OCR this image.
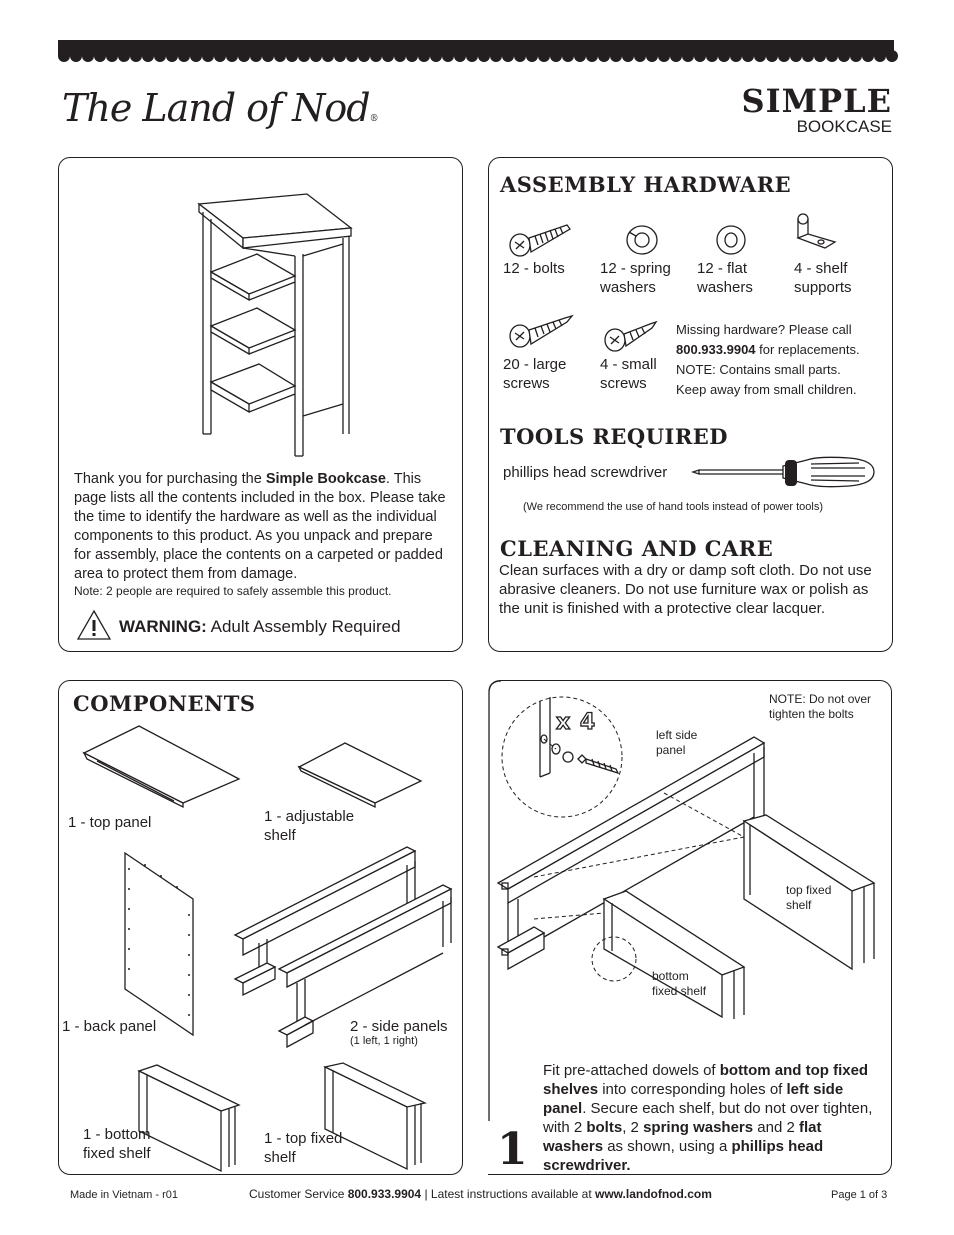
The Land of Nod®	SIMPLE
BOOKCASE
Thank you for purchasing the Simple Bookcase. This page lists all the contents included in the box. Please take the time to identify the hardware as well as the individual components to this product. As you unpack and prepare for assembly, place the contents on a carpeted or padded area to protect them from damage.
Note: 2 people are required to safely assemble this product.
WARNING: Adult Assembly Required
ASSEMBLY HARDWARE
12 - bolts 12 - spring
washers
12 - flat
washers
4 - shelf
supports
20 - large
screws
4 - small
screws
Missing hardware? Please call
800.933.9904 for replacements.
NOTE: Contains small parts.
Keep away from small children.
TOOLS REQUIRED
phillips head screwdriver
(We recommend the use of hand tools instead of power tools)
CLEANING AND CARE
Clean surfaces with a dry or damp soft cloth. Do not use abrasive cleaners. Do not use furniture wax or polish as the unit is finished with a protective clear lacquer.
COMPONENTS
1 - top panel	1 - adjustable
shelf
1 - back panel	2 - side panels
(1 left, 1 right)
1 - bottom
fixed shelf
1 - top fixed
shelf
NOTE: Do not over
tighten the bolts
x 4	left side
panel
top fixed
shelf
bottom
fixed shelf
Fit pre-attached dowels of bottom and top fixed shelves into corresponding holes of left side panel. Secure each shelf, but do not over tighten, with 2 bolts, 2 spring washers and 2 flat washers as shown, using a phillips head screwdriver.
1
Made in Vietnam - r01	Customer Service 800.933.9904 | Latest instructions available at www.landofnod.com	Page 1 of 3
